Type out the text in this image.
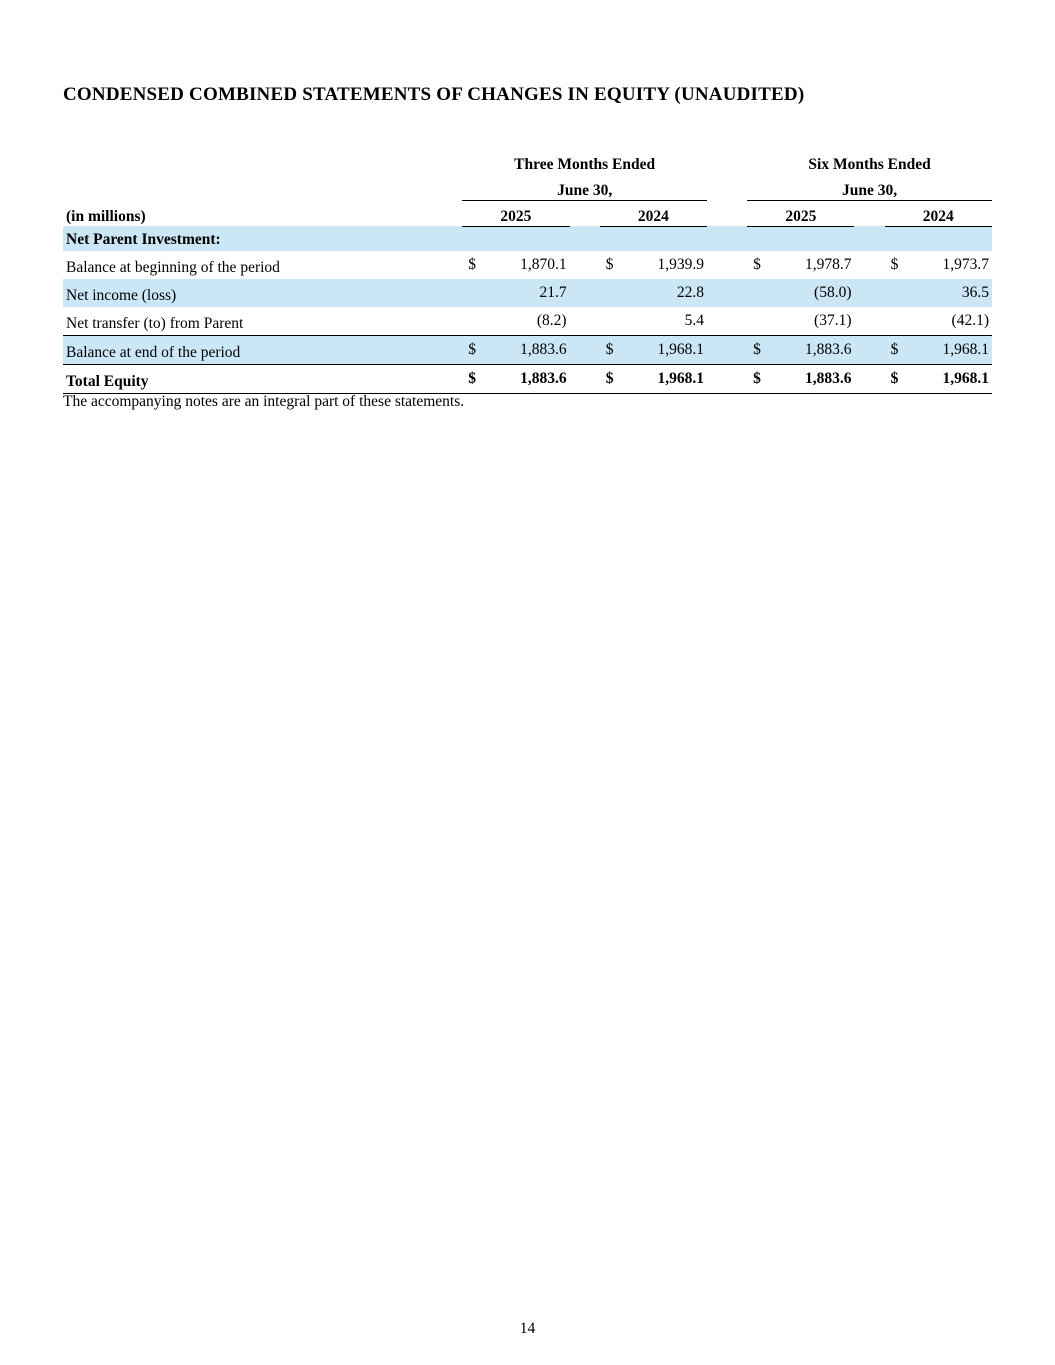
CONDENSED COMBINED STATEMENTS OF CHANGES IN EQUITY (UNAUDITED)
	Three Months Ended				Six Months Ended		
	June 30,				June 30,		
(in millions)	2025		2024		2025		2024
Net Parent Investment:	

Balance at beginning of the period	$ 1,870.1		$ 1,939.9		$ 1,978.7		$ 1,973.7

Net income (loss)	21.7		22.8		(58.0)		36.5

Net transfer (to) from Parent	(8.2)		5.4		(37.1)		(42.1)

Balance at end of the period	$ 1,883.6		$ 1,968.1		$ 1,883.6		$ 1,968.1

Total Equity	$ 1,883.6		$ 1,968.1		$ 1,883.6		$ 1,968.1

The accompanying notes are an integral part of these statements.

14
